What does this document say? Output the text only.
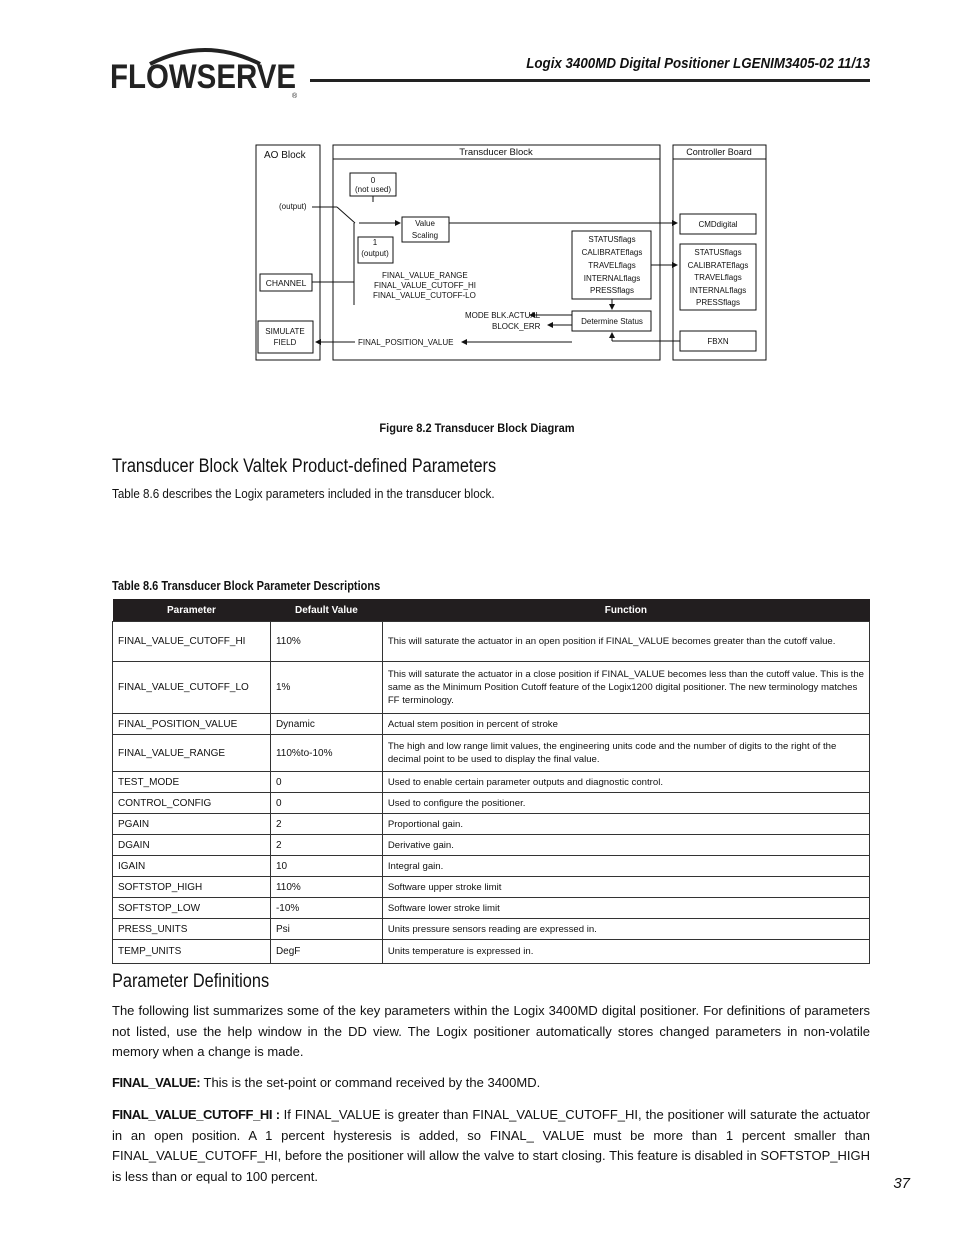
FLOWSERVE
®
Logix 3400MD Digital Positioner LGENIM3405-02 11/13
AO Block	Transducer Block	Controller Board
0
(not used)
(output)
1
(output)
Value
Scaling
CHANNEL
SIMULATE
FIELD
FINAL_VALUE_RANGE
FINAL_VALUE_CUTOFF_HI
FINAL_VALUE_CUTOFF-LO
STATUSflags
CALIBRATEflags
TRAVELflags
INTERNALflags
PRESSflags
CMDdigital
STATUSflags
CALIBRATEflags
TRAVELflags
INTERNALflags
PRESSflags
MODE BLK.ACTUAL
BLOCK_ERR
Determine Status
FINAL_POSITION_VALUE	FBXN
Figure 8.2 Transducer Block Diagram
Transducer Block Valtek Product-defined Parameters
Table 8.6 describes the Logix parameters included in the transducer block.
Table 8.6 Transducer Block Parameter Descriptions
Parameter	Default Value	Function
FINAL_VALUE_CUTOFF_HI	110%	This will saturate the actuator in an open position if FINAL_VALUE becomes greater than the cutoff value.
FINAL_VALUE_CUTOFF_LO	1%	This will saturate the actuator in a close position if FINAL_VALUE becomes less than the cutoff value. This is the same as the Minimum Position Cutoff feature of the Logix1200 digital positioner. The new terminology matches FF terminology.
FINAL_POSITION_VALUE	Dynamic	Actual stem position in percent of stroke
FINAL_VALUE_RANGE	110%to-10%	The high and low range limit values, the engineering units code and the number of digits to the right of the decimal point to be used to display the final value.
TEST_MODE	0	Used to enable certain parameter outputs and diagnostic control.
CONTROL_CONFIG	0	Used to configure the positioner.
PGAIN	2	Proportional gain.
DGAIN	2	Derivative gain.
IGAIN	10	Integral gain.
SOFTSTOP_HIGH	110%	Software upper stroke limit
SOFTSTOP_LOW	-10%	Software lower stroke limit
PRESS_UNITS	Psi	Units pressure sensors reading are expressed in.
TEMP_UNITS	DegF	Units temperature is expressed in.
Parameter Definitions
The following list summarizes some of the key parameters within the Logix 3400MD digital positioner. For definitions of parameters not listed, use the help window in the DD view. The Logix positioner automatically stores changed parameters in non-volatile memory when a change is made.
FINAL_VALUE: This is the set-point or command received by the 3400MD.
FINAL_VALUE_CUTOFF_HI : If FINAL_VALUE is greater than FINAL_VALUE_CUTOFF_HI, the positioner will saturate the actuator in an open position. A 1 percent hysteresis is added, so FINAL_ VALUE must be more than 1 percent smaller than FINAL_VALUE_CUTOFF_HI, before the positioner will allow the valve to start closing. This feature is disabled in SOFTSTOP_HIGH is less than or equal to 100 percent.	37
